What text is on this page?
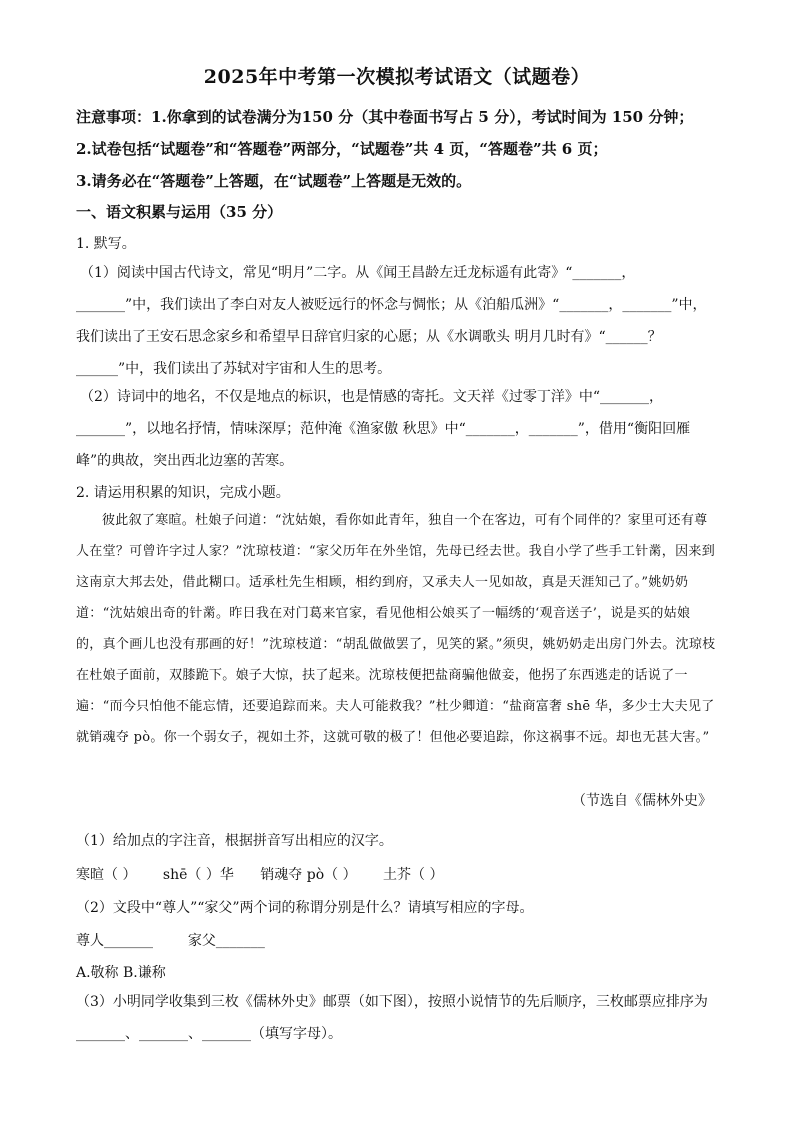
2025年中考第一次模拟考试语文（试题卷）
注意事项：1.你拿到的试卷满分为150 分（其中卷面书写占 5 分），考试时间为 150 分钟；
2.试卷包括“试题卷”和“答题卷”两部分，“试题卷”共 4 页，“答题卷”共 6 页；
3.请务必在“答题卷”上答题，在“试题卷”上答题是无效的。
一、语文积累与运用（35 分）
1. 默写。

（1）阅读中国古代诗文，常见“明月”二字。从《闻王昌龄左迁龙标遥有此寄》“_______，_______”中，我们读出了李白对友人被贬远行的怀念与惆怅；从《泊船瓜洲》“_______，_______”中，我们读出了王安石思念家乡和希望早日辞官归家的心愿；从《水调歌头 明月几时有》“______？______”中，我们读出了苏轼对宇宙和人生的思考。

（2）诗词中的地名，不仅是地点的标识，也是情感的寄托。文天祥《过零丁洋》中“_______，_______”，以地名抒情，情味深厚；范仲淹《渔家傲 秋思》中“_______，_______”，借用“衡阳回雁峰”的典故，突出西北边塞的苦寒。

2. 请运用积累的知识，完成小题。

彼此叙了寒暄。杜娘子问道：“沈姑娘，看你如此青年，独自一个在客边，可有个同伴的？家里可还有尊人在堂？可曾许字过人家？”沈琼枝道：“家父历年在外坐馆，先母已经去世。我自小学了些手工针黹，因来到这南京大邦去处，借此糊口。适承杜先生相顾，相约到府，又承夫人一见如故，真是天涯知己了。”姚奶奶道：“沈姑娘出奇的针黹。昨日我在对门葛来官家，看见他相公娘买了一幅绣的‘观音送子’，说是买的姑娘的，真个画儿也没有那画的好！”沈琼枝道：“胡乱做做罢了，见笑的紧。”须臾，姚奶奶走出房门外去。沈琼枝在杜娘子面前，双膝跪下。娘子大惊，扶了起来。沈琼枝便把盐商骗他做妾，他拐了东西逃走的话说了一遍：“而今只怕他不能忘情，还要追踪而来。夫人可能救我？”杜少卿道：“盐商富奢 shē 华，多少士大夫见了就销魂夺 pò。你一个弱女子，视如土芥，这就可敬的极了！但他必要追踪，你这祸事不远。却也无甚大害。”

（节选自《儒林外史》
（1）给加点的字注音，根据拼音写出相应的汉字。
寒暄（ ） shē（ ）华 销魂夺 pò（ ） 土芥（ ）
（2）文段中“尊人”“家父”两个词的称谓分别是什么？请填写相应的字母。
尊人_______ 家父_______
A.敬称 B.谦称

（3）小明同学收集到三枚《儒林外史》邮票（如下图），按照小说情节的先后顺序，三枚邮票应排序为_______、_______、_______（填写字母）。
